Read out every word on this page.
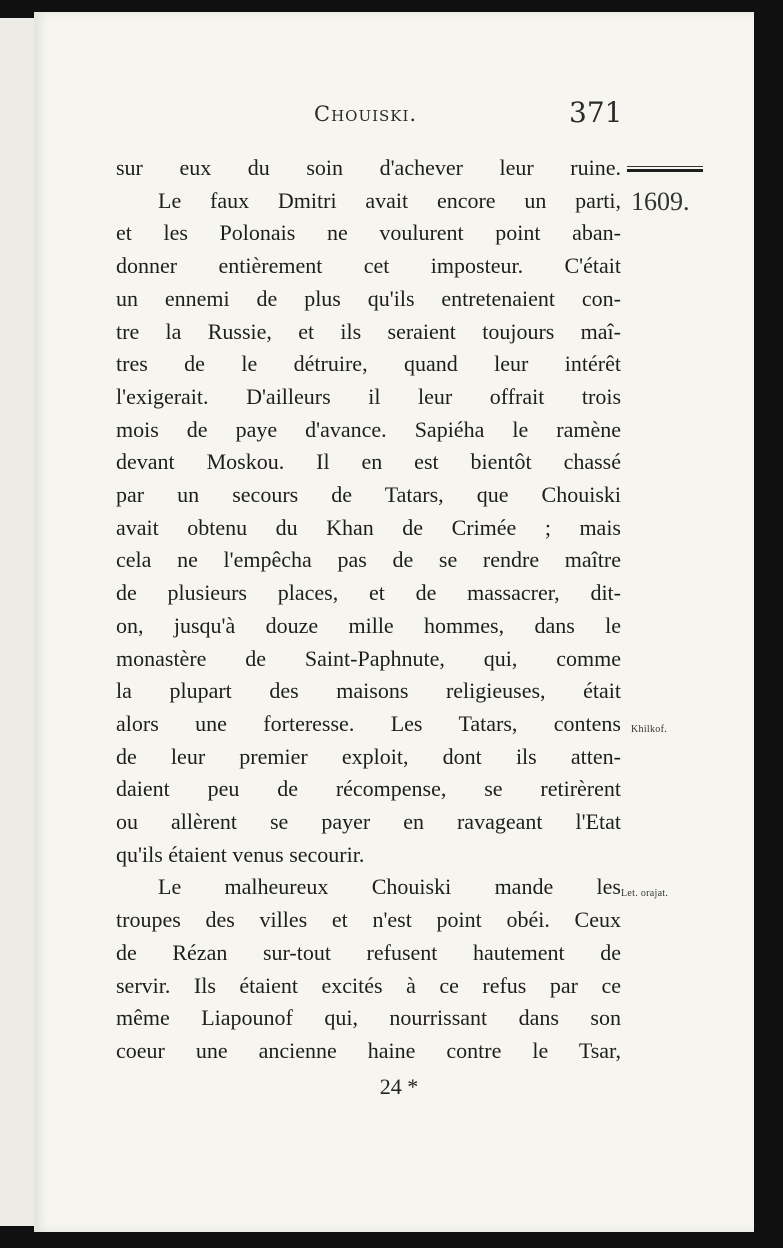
Chouiski.	371
1609.
Khilkof.
Let. orajat.
sur eux du soin d'achever leur ruine.
Le faux Dmitri avait encore un parti,
et les Polonais ne voulurent point aban-
donner entièrement cet imposteur. C'était
un ennemi de plus qu'ils entretenaient con-
tre la Russie, et ils seraient toujours maî-
tres de le détruire, quand leur intérêt
l'exigerait. D'ailleurs il leur offrait trois
mois de paye d'avance. Sapiéha le ramène
devant Moskou. Il en est bientôt chassé
par un secours de Tatars, que Chouiski
avait obtenu du Khan de Crimée ; mais
cela ne l'empêcha pas de se rendre maître
de plusieurs places, et de massacrer, dit-
on, jusqu'à douze mille hommes, dans le
monastère de Saint-Paphnute, qui, comme
la plupart des maisons religieuses, était
alors une forteresse. Les Tatars, contens
de leur premier exploit, dont ils atten-
daient peu de récompense, se retirèrent
ou allèrent se payer en ravageant l'Etat
qu'ils étaient venus secourir.
Le malheureux Chouiski mande les
troupes des villes et n'est point obéi. Ceux
de Rézan sur-tout refusent hautement de
servir. Ils étaient excités à ce refus par ce
même Liapounof qui, nourrissant dans son
coeur une ancienne haine contre le Tsar,
24 *
